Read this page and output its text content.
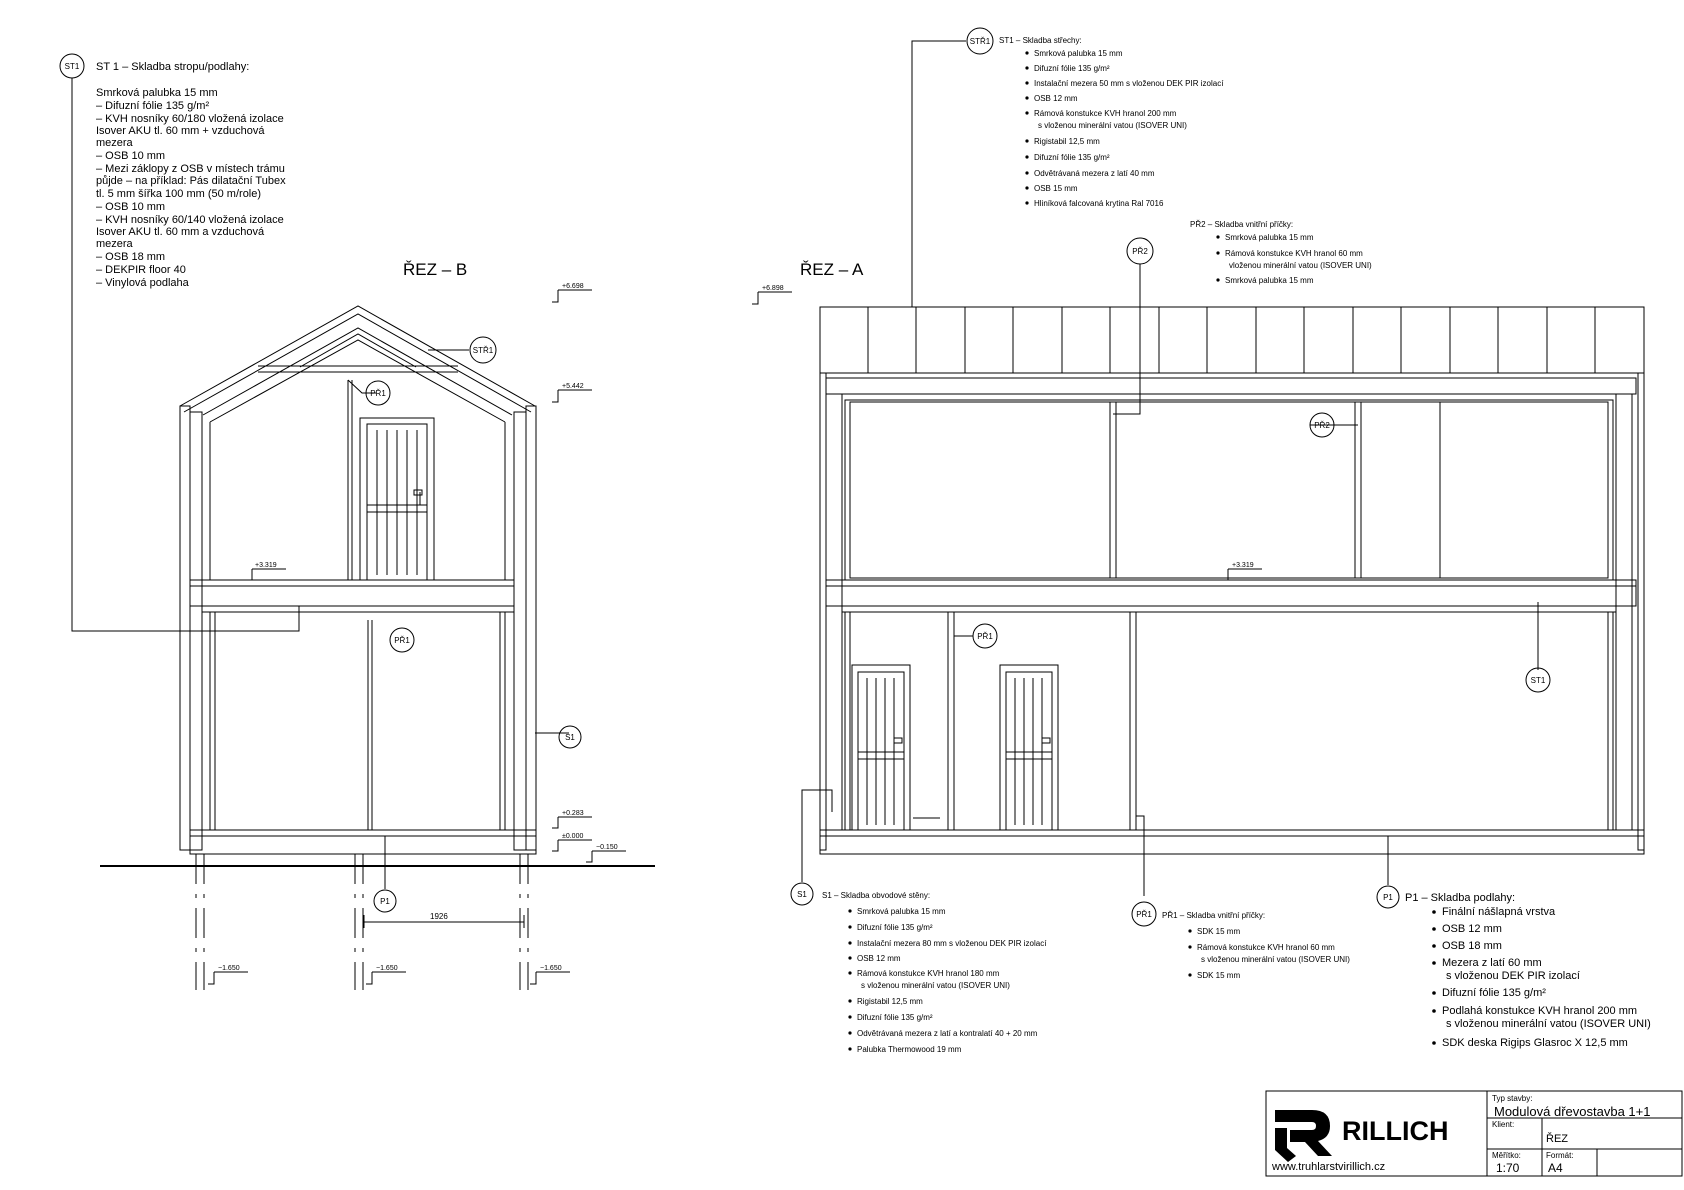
ŘEZ – B
1926
+6.698
+5.442
+3.319
+0.283
±0.000
−0.150
−1.650	−1.650	−1.650
ST1
STŘ1
PŘ1
PŘ1
S1
P1
ŘEZ – A
+6.898
+3.319
STŘ1
PŘ2
PŘ2
PŘ1
ST1
S1
PŘ1
P1
ST 1 – Skladba stropu/podlahy:
Smrková palubka 15 mm
– Difuzní fólie 135 g/m²
– KVH nosníky 60/180 vložená izolace
Isover AKU tl. 60 mm + vzduchová
mezera
– OSB 10 mm
– Mezi záklopy z OSB v místech trámu
půjde – na příklad: Pás dilatační Tubex
tl. 5 mm šířka 100 mm (50 m/role)
– OSB 10 mm
– KVH nosníky 60/140 vložená izolace
Isover AKU tl. 60 mm a vzduchová
mezera
– OSB 18 mm
– DEKPIR floor 40
– Vinylová podlaha
ST1 – Skladba střechy:
Smrková palubka 15 mm
Difuzní fólie 135 g/m²
Instalační mezera 50 mm s vloženou DEK PIR izolací
OSB 12 mm
Rámová konstukce KVH hranol 200 mm
s vloženou minerální vatou (ISOVER UNI)
Rigistabil 12,5 mm
Difuzní fólie 135 g/m²
Odvětrávaná mezera z latí 40 mm
OSB 15 mm
Hliníková falcovaná krytina Ral 7016
PŘ2 – Skladba vnitřní příčky:
Smrková palubka 15 mm
Rámová konstukce KVH hranol 60 mm
vloženou minerální vatou (ISOVER UNI)
Smrková palubka 15 mm
S1 – Skladba obvodové stěny:
Smrková palubka 15 mm
Difuzní fólie 135 g/m²
Instalační mezera 80 mm s vloženou DEK PIR izolací
OSB 12 mm
Rámová konstukce KVH hranol 180 mm
s vloženou minerální vatou (ISOVER UNI)
Rigistabil 12,5 mm
Difuzní fólie 135 g/m²
Odvětrávaná mezera z latí a kontralatí 40 + 20 mm
Palubka Thermowood 19 mm
PŘ1 – Skladba vnitřní příčky:
SDK 15 mm
Rámová konstukce KVH hranol 60 mm
s vloženou minerální vatou (ISOVER UNI)
SDK 15 mm
P1 – Skladba podlahy:
Finální nášlapná vrstva
OSB 12 mm
OSB 18 mm
Mezera z latí 60 mm
s vloženou DEK PIR izolací
Difuzní fólie 135 g/m²
Podlahá konstukce KVH hranol 200 mm
s vloženou minerální vatou (ISOVER UNI)
SDK deska Rigips Glasroc X 12,5 mm
RILLICH
www.truhlarstvirillich.cz
Typ stavby:
Modulová dřevostavba 1+1
Klient:
ŘEZ
Měřítko:
1:70
Formát:
A4
